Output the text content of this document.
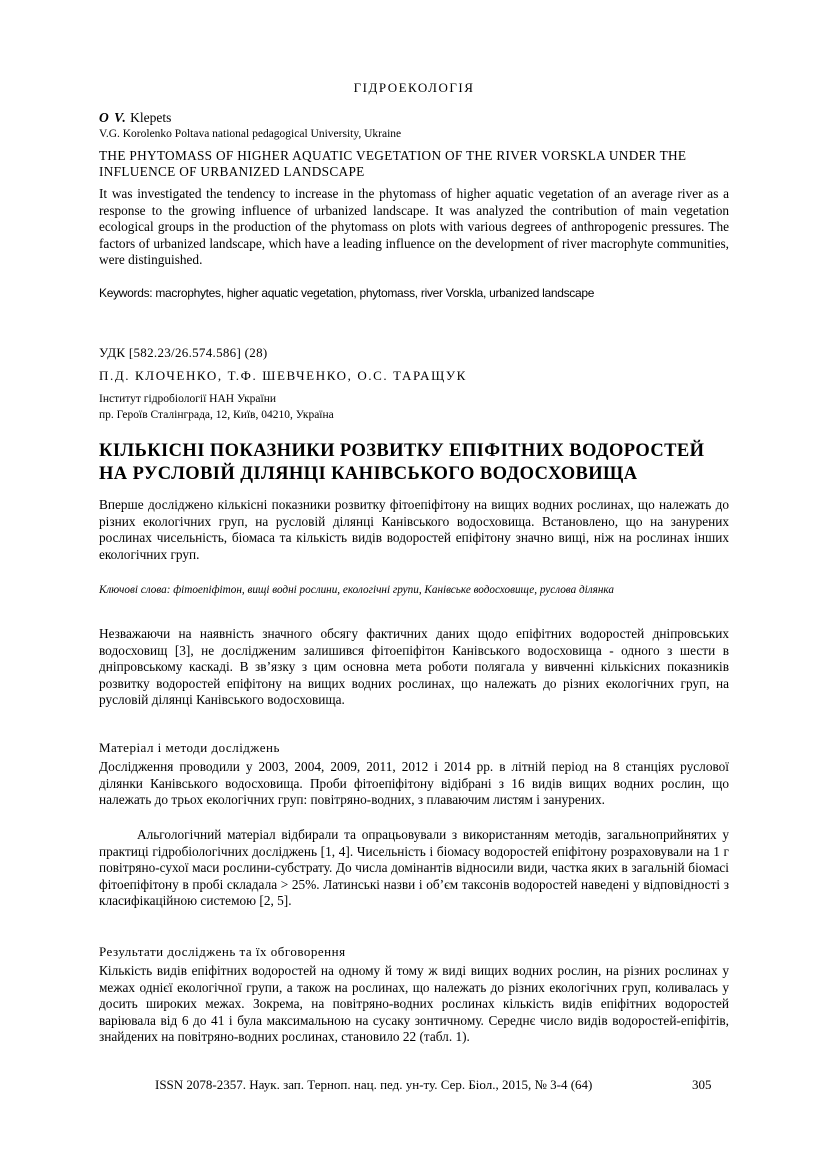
ГІДРОЕКОЛОГІЯ
O V. Klepets
V.G. Korolenko Poltava national pedagogical University, Ukraine
THE PHYTOMASS OF HIGHER AQUATIC VEGETATION OF THE RIVER VORSKLA UNDER THE INFLUENCE OF URBANIZED LANDSCAPE
It was investigated the tendency to increase in the phytomass of higher aquatic vegetation of an average river as a response to the growing influence of urbanized landscape. It was analyzed the contribution of main vegetation ecological groups in the production of the phytomass on plots with various degrees of anthropogenic pressures. The factors of urbanized landscape, which have a leading influence on the development of river macrophyte communities, were distinguished.
Keywords: macrophytes, higher aquatic vegetation, phytomass, river Vorskla, urbanized landscape
УДК [582.23/26.574.586] (28)
П.Д. КЛОЧЕНКО, Т.Ф. ШЕВЧЕНКО, О.С. ТАРАЩУК
Інститут гідробіології НАН України
пр. Героїв Сталінграда, 12, Київ, 04210, Україна
КІЛЬКІСНІ ПОКАЗНИКИ РОЗВИТКУ ЕПІФІТНИХ ВОДОРОСТЕЙ НА РУСЛОВІЙ ДІЛЯНЦІ КАНІВСЬКОГО ВОДОСХОВИЩА
Вперше досліджено кількісні показники розвитку фітоепіфітону на вищих водних рослинах, що належать до різних екологічних груп, на русловій ділянці Канівського водосховища. Встановлено, що на занурених рослинах чисельність, біомаса та кількість видів водоростей епіфітону значно вищі, ніж на рослинах інших екологічних груп.
Ключові слова: фітоепіфітон, вищі водні рослини, екологічні групи, Канівське водосховище, руслова ділянка
Незважаючи на наявність значного обсягу фактичних даних щодо епіфітних водоростей дніпровських водосховищ [3], не дослідженим залишився фітоепіфітон Канівського водосховища - одного з шести в дніпровському каскаді. В зв’язку з цим основна мета роботи полягала у вивченні кількісних показників розвитку водоростей епіфітону на вищих водних рослинах, що належать до різних екологічних груп, на русловій ділянці Канівського водосховища.
Матеріал і методи досліджень
Дослідження проводили у 2003, 2004, 2009, 2011, 2012 і 2014 рр. в літній період на 8 станціях руслової ділянки Канівського водосховища. Проби фітоепіфітону відібрані з 16 видів вищих водних рослин, що належать до трьох екологічних груп: повітряно-водних, з плаваючим листям і занурених.
Альгологічний матеріал відбирали та опрацьовували з використанням методів, загальноприйнятих у практиці гідробіологічних досліджень [1, 4]. Чисельність і біомасу водоростей епіфітону розраховували на 1 г повітряно-сухої маси рослини-субстрату. До числа домінантів відносили види, частка яких в загальній біомасі фітоепіфітону в пробі складала > 25%. Латинські назви і об’єм таксонів водоростей наведені у відповідності з класифікаційною системою [2, 5].
Результати досліджень та їх обговорення
Кількість видів епіфітних водоростей на одному й тому ж виді вищих водних рослин, на різних рослинах у межах однієї екологічної групи, а також на рослинах, що належать до різних екологічних груп, коливалась у досить широких межах. Зокрема, на повітряно-водних рослинах кількість видів епіфітних водоростей варіювала від 6 до 41 і була максимальною на сусаку зонтичному. Середнє число видів водоростей-епіфітів, знайдених на повітряно-водних рослинах, становило 22 (табл. 1).
ISSN 2078-2357. Наук. зап. Терноп. нац. пед. ун-ту. Сер. Біол., 2015, № 3-4 (64)	305
